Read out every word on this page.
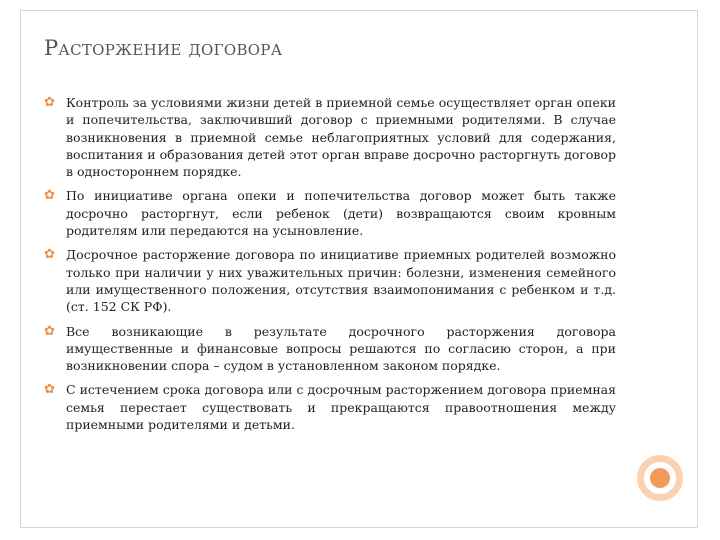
Расторжение договора
✿ Контроль за условиями жизни детей в приемной семье осуществляет орган опеки и попечительства, заключивший договор с приемными родителями. В случае возникновения в приемной семье неблагоприятных условий для содержания, воспитания и образования детей этот орган вправе досрочно расторгнуть договор в одностороннем порядке.
✿ По инициативе органа опеки и попечительства договор может быть также досрочно расторгнут, если ребенок (дети) возвращаются своим кровным родителям или передаются на усыновление.
✿ Досрочное расторжение договора по инициативе приемных родителей возможно только при наличии у них уважительных причин: болезни, изменения семейного или имущественного положения, отсутствия взаимопонимания с ребенком и т.д. (ст. 152 СК РФ).
✿ Все возникающие в результате досрочного расторжения договора имущественные и финансовые вопросы решаются по согласию сторон, а при возникновении спора – судом в установленном законом порядке.
✿ С истечением срока договора или с досрочным расторжением договора приемная семья перестает существовать и прекращаются правоотношения между приемными родителями и детьми.
